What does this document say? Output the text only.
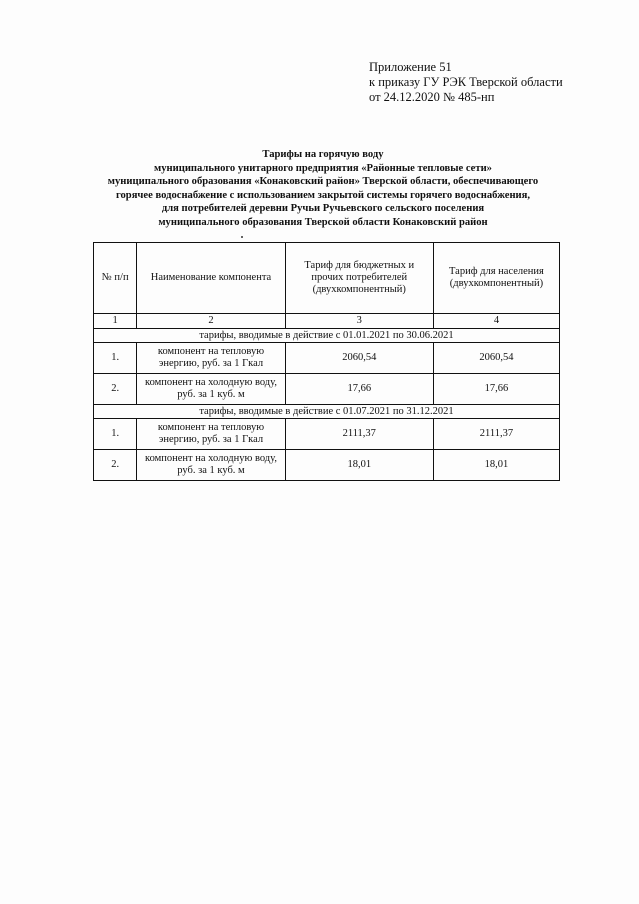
Приложение 51
к приказу ГУ РЭК Тверской области
от 24.12.2020 № 485-нп
Тарифы на горячую воду
муниципального унитарного предприятия «Районные тепловые сети»
муниципального образования «Конаковский район» Тверской области, обеспечивающего
горячее водоснабжение с использованием закрытой системы горячего водоснабжения,
для потребителей деревни Ручьи Ручьевского сельского поселения
муниципального образования Тверской области Конаковский район
№ п/п	Наименование компонента	Тариф для бюджетных и прочих потребителей (двухкомпонентный)	Тариф для населения (двухкомпонентный)
1	2	3	4
тарифы, вводимые в действие с 01.01.2021 по 30.06.2021			
1.	компонент на тепловую энергию, руб. за 1 Гкал	2060,54	2060,54
2.	компонент на холодную воду, руб. за 1 куб. м	17,66	17,66
тарифы, вводимые в действие с 01.07.2021 по 31.12.2021			
1.	компонент на тепловую энергию, руб. за 1 Гкал	2111,37	2111,37
2.	компонент на холодную воду, руб. за 1 куб. м	18,01	18,01
